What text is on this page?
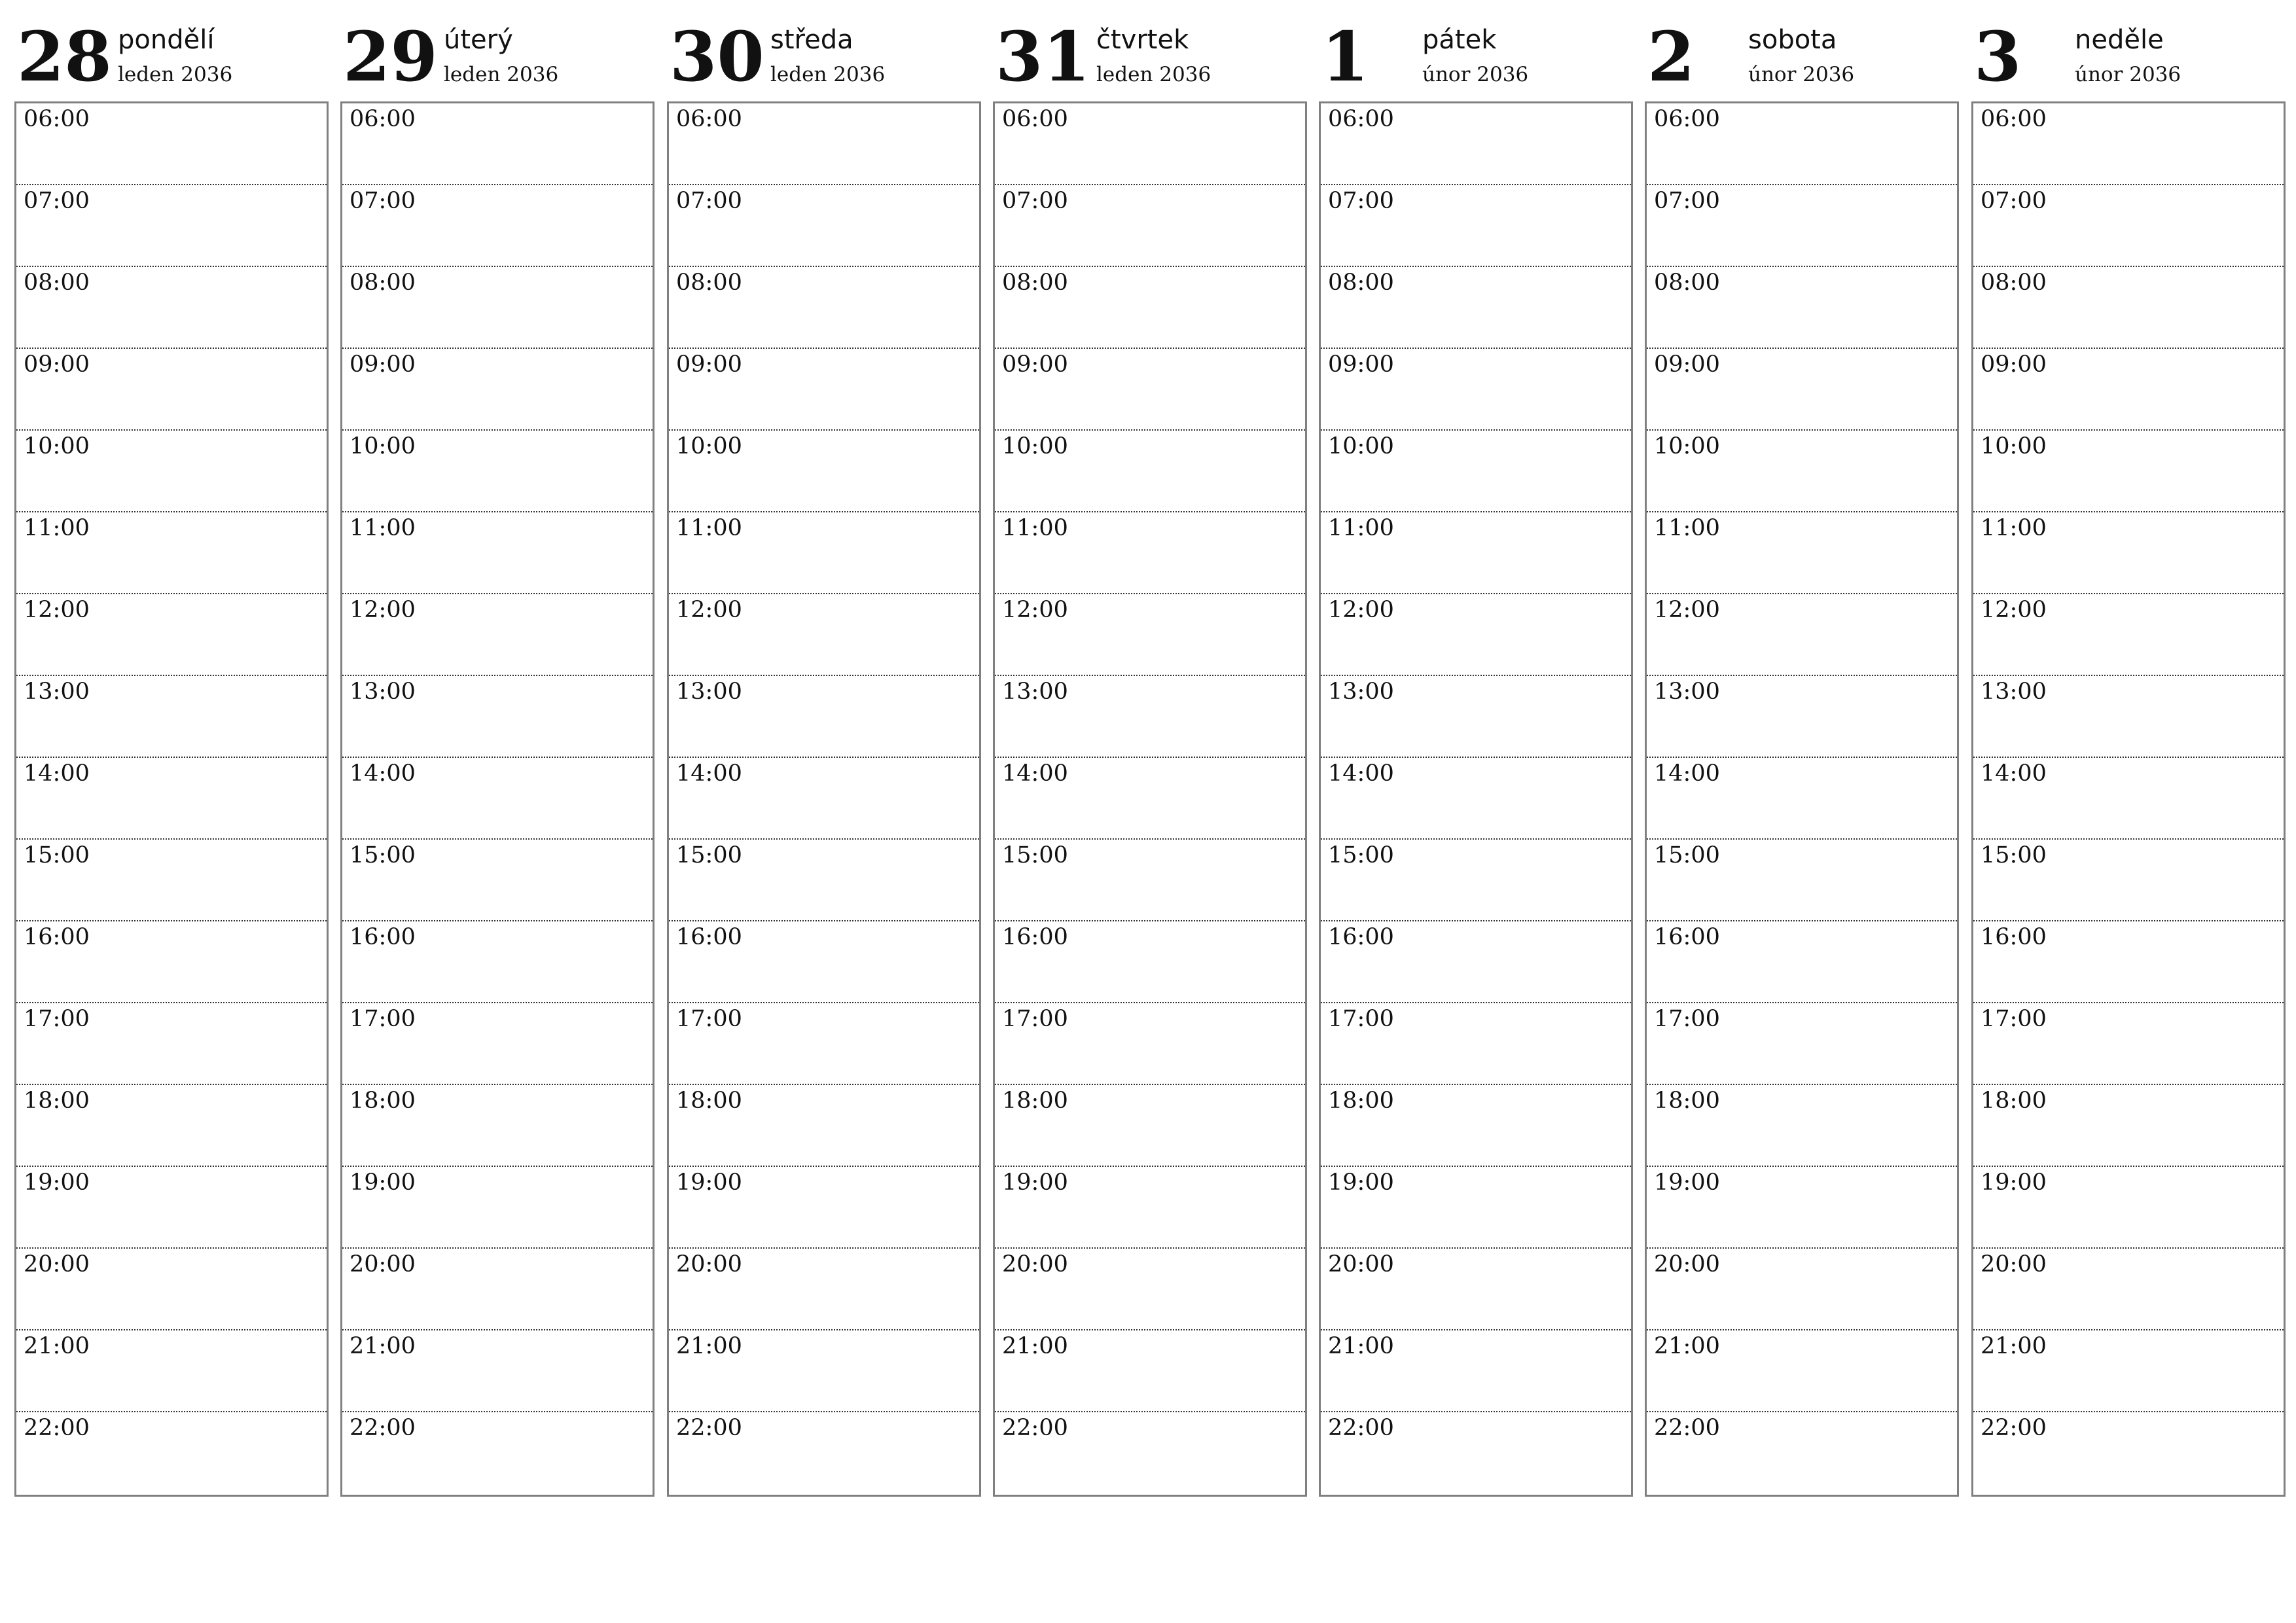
28 pondělí
leden 2036
06:00
07:00
08:00
09:00
10:00
11:00
12:00
13:00
14:00
15:00
16:00
17:00
18:00
19:00
20:00
21:00
22:00
29 úterý
leden 2036
06:00
07:00
08:00
09:00
10:00
11:00
12:00
13:00
14:00
15:00
16:00
17:00
18:00
19:00
20:00
21:00
22:00
30 středa
leden 2036
06:00
07:00
08:00
09:00
10:00
11:00
12:00
13:00
14:00
15:00
16:00
17:00
18:00
19:00
20:00
21:00
22:00
31 čtvrtek
leden 2036
06:00
07:00
08:00
09:00
10:00
11:00
12:00
13:00
14:00
15:00
16:00
17:00
18:00
19:00
20:00
21:00
22:00
1 pátek
únor 2036
06:00
07:00
08:00
09:00
10:00
11:00
12:00
13:00
14:00
15:00
16:00
17:00
18:00
19:00
20:00
21:00
22:00
2 sobota
únor 2036
06:00
07:00
08:00
09:00
10:00
11:00
12:00
13:00
14:00
15:00
16:00
17:00
18:00
19:00
20:00
21:00
22:00
3 neděle
únor 2036
06:00
07:00
08:00
09:00
10:00
11:00
12:00
13:00
14:00
15:00
16:00
17:00
18:00
19:00
20:00
21:00
22:00
